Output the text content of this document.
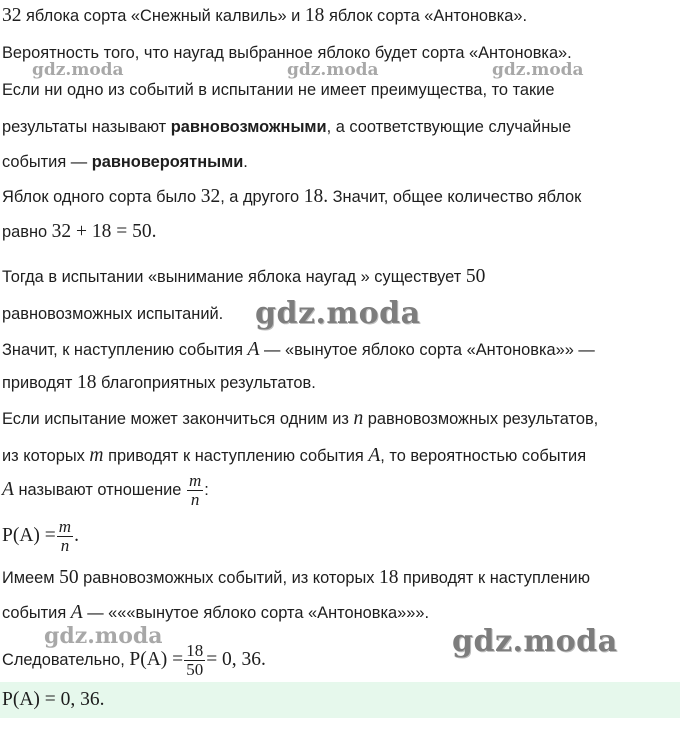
32 яблока сорта «Снежный калвиль» и 18 яблок сорта «Антоновка».
Вероятность того, что наугад выбранное яблоко будет сорта «Антоновка».
Если ни одно из событий в испытании не имеет преимущества, то такие
результаты называют равновозможными, а соответствующие случайные
события — равновероятными.
Яблок одного сорта было 32, а другого 18. Значит, общее количество яблок
равно 32 + 18 = 50.
Тогда в испытании «вынимание яблока наугад » существует 50
равновозможных испытаний.
Значит, к наступлению события A — «вынутое яблоко сорта «Антоновка»» —
приводят 18 благоприятных результатов.
Если испытание может закончиться одним из n равновозможных результатов,
из которых m приводят к наступлению события A, то вероятностью события
A называют отношение $\frac{m}{n}$ :
$P(A) = \frac{m}{n}$ .
Имеем 50 равновозможных событий, из которых 18 приводят к наступлению
события A — «««вынутое яблоко сорта «Антоновка»»».
Следовательно, $P(A) = \frac{18}{50} = 0$, 36.
P(A) = 0, 36.
gdz.moda	gdz.moda	gdz.moda
gdz.moda
gdz.moda	gdz.moda
